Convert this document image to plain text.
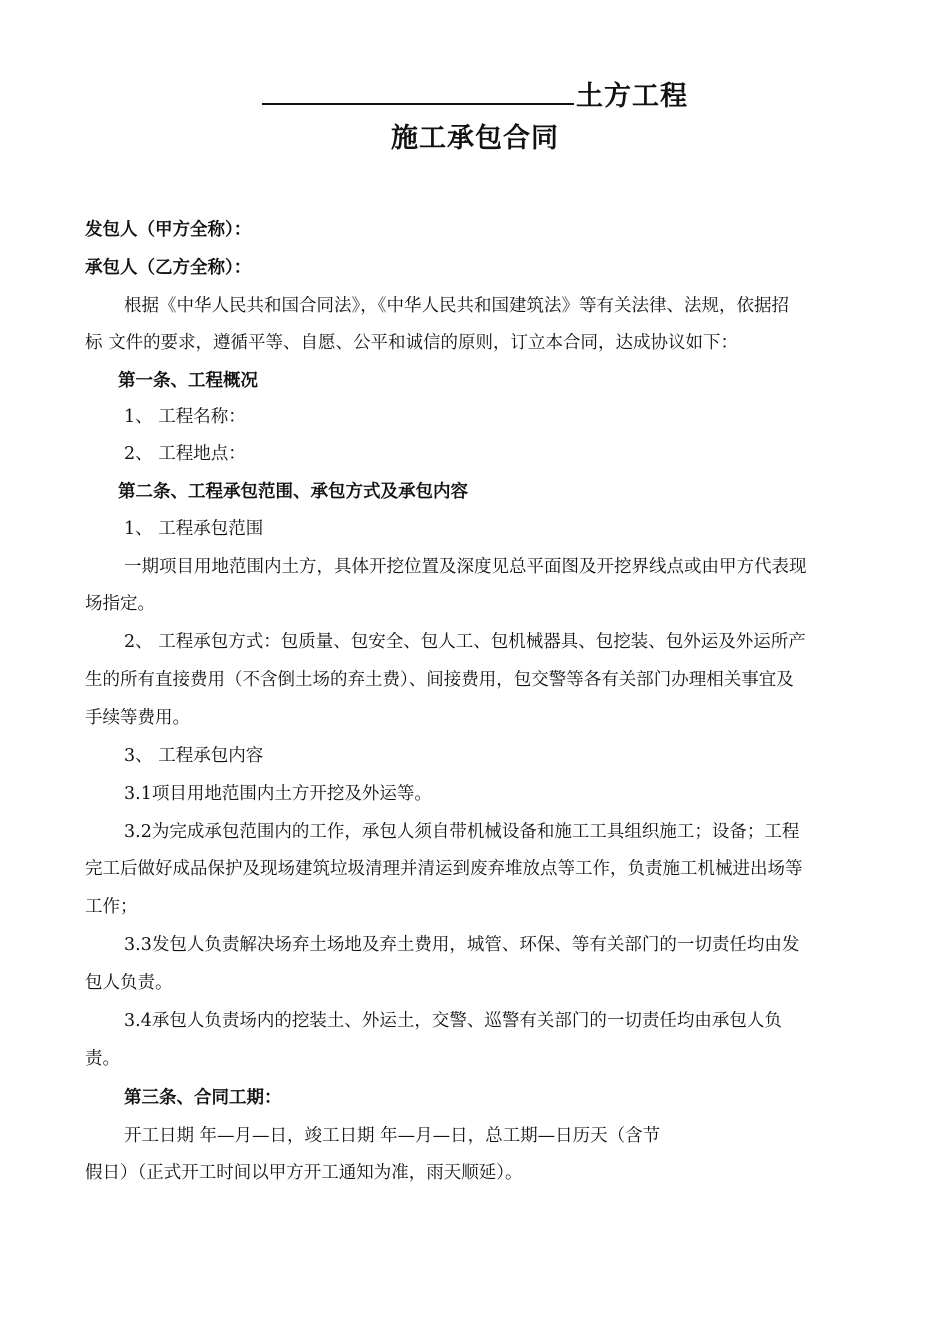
土方工程
施工承包合同
发包人（甲方全称）：
承包人（乙方全称）：
根据《中华人民共和国合同法》，《中华人民共和国建筑法》等有关法律、法规，依据招
标 文件的要求，遵循平等、自愿、公平和诚信的原则，订立本合同，达成协议如下：
第一条、工程概况
1、 工程名称：
2、 工程地点：
第二条、工程承包范围、承包方式及承包内容
1、 工程承包范围
一期项目用地范围内土方，具体开挖位置及深度见总平面图及开挖界线点或由甲方代表现
场指定。
2、 工程承包方式：包质量、包安全、包人工、包机械器具、包挖装、包外运及外运所产
生的所有直接费用（不含倒土场的弃土费）、间接费用，包交警等各有关部门办理相关事宜及
手续等费用。
3、 工程承包内容
3.1项目用地范围内土方开挖及外运等。
3.2为完成承包范围内的工作，承包人须自带机械设备和施工工具组织施工；设备；工程
完工后做好成品保护及现场建筑垃圾清理并清运到废弃堆放点等工作，负责施工机械进出场等
工作；
3.3发包人负责解决场弃土场地及弃土费用，城管、环保、等有关部门的一切责任均由发
包人负责。
3.4承包人负责场内的挖装土、外运土，交警、巡警有关部门的一切责任均由承包人负
责。
第三条、合同工期：
开工日期 年—月—日，竣工日期 年—月—日，总工期—日历天（含节
假日）（正式开工时间以甲方开工通知为准，雨天顺延）。
